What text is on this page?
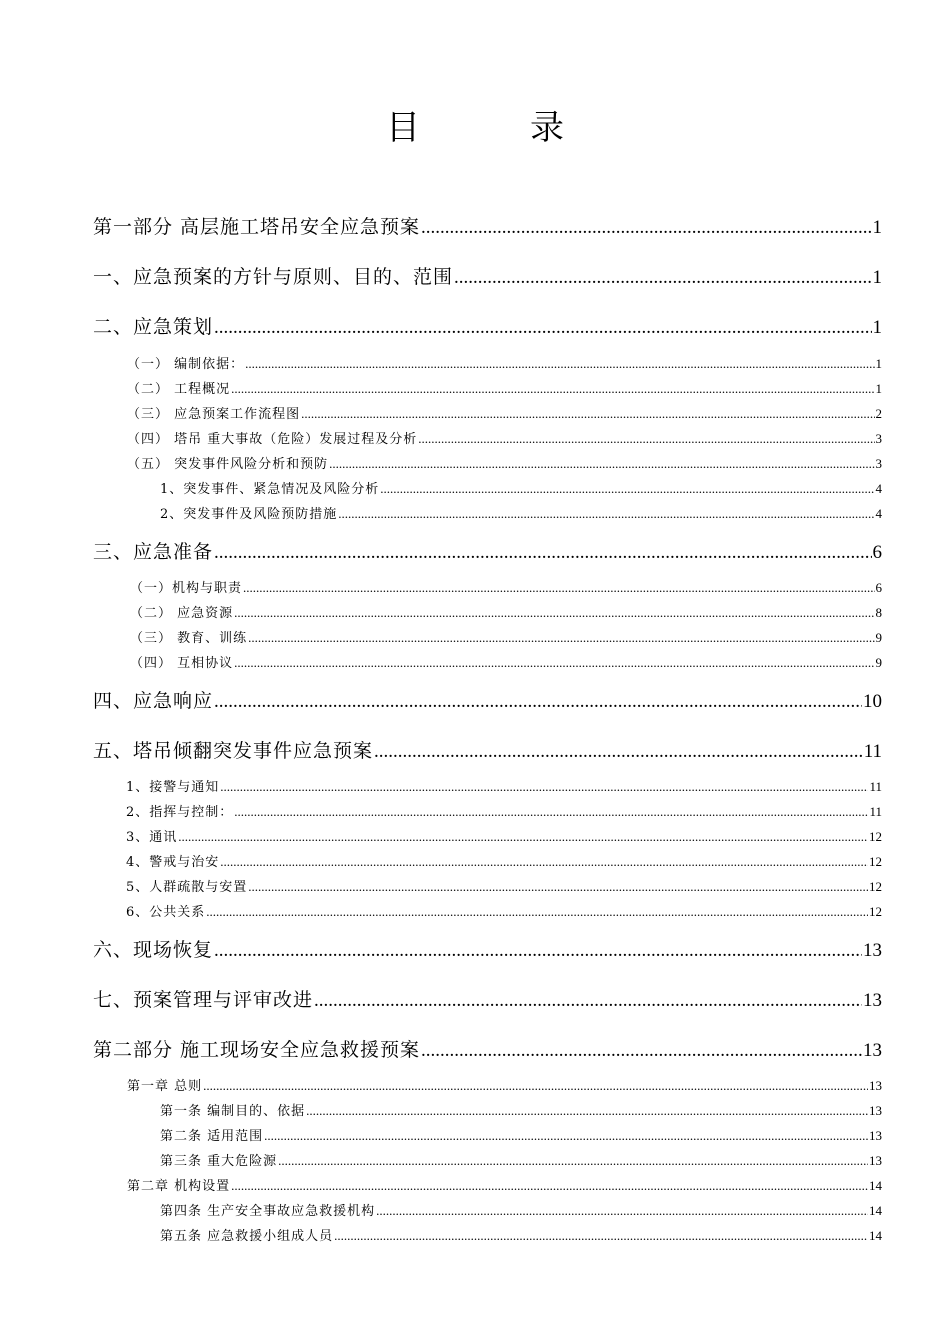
目	录
第一部分 高层施工塔吊安全应急预案 .....	1
一、应急预案的方针与原则、目的、范围 .....	1
二、应急策划 .....	1
（一） 编制依据： .....	1
（二） 工程概况 .....	1
（三） 应急预案工作流程图 .....	2
（四） 塔吊 重大事故（危险）发展过程及分析 .....	3
（五） 突发事件风险分析和预防 .....	3
1、突发事件、紧急情况及风险分析 .....	4
2、突发事件及风险预防措施 .....	4
三、应急准备 .....	6
（一）机构与职责 .....	6
（二） 应急资源 .....	8
（三） 教育、训练 .....	9
（四） 互相协议 .....	9
四、应急响应 .....	10
五、塔吊倾翻突发事件应急预案 .....	11
1、接警与通知 .....	11
2、指挥与控制： .....	11
3、通讯 .....	12
4、警戒与治安 .....	12
5、人群疏散与安置 .....	12
6、公共关系 .....	12
六、现场恢复 .....	13
七、预案管理与评审改进 .....	13
第二部分 施工现场安全应急救援预案 .....	13
第一章 总则 .....	13
第一条 编制目的、依据 .....	13
第二条 适用范围 .....	13
第三条 重大危险源 .....	13
第二章 机构设置 .....	14
第四条 生产安全事故应急救援机构 .....	14
第五条 应急救援小组成人员 .....	14
